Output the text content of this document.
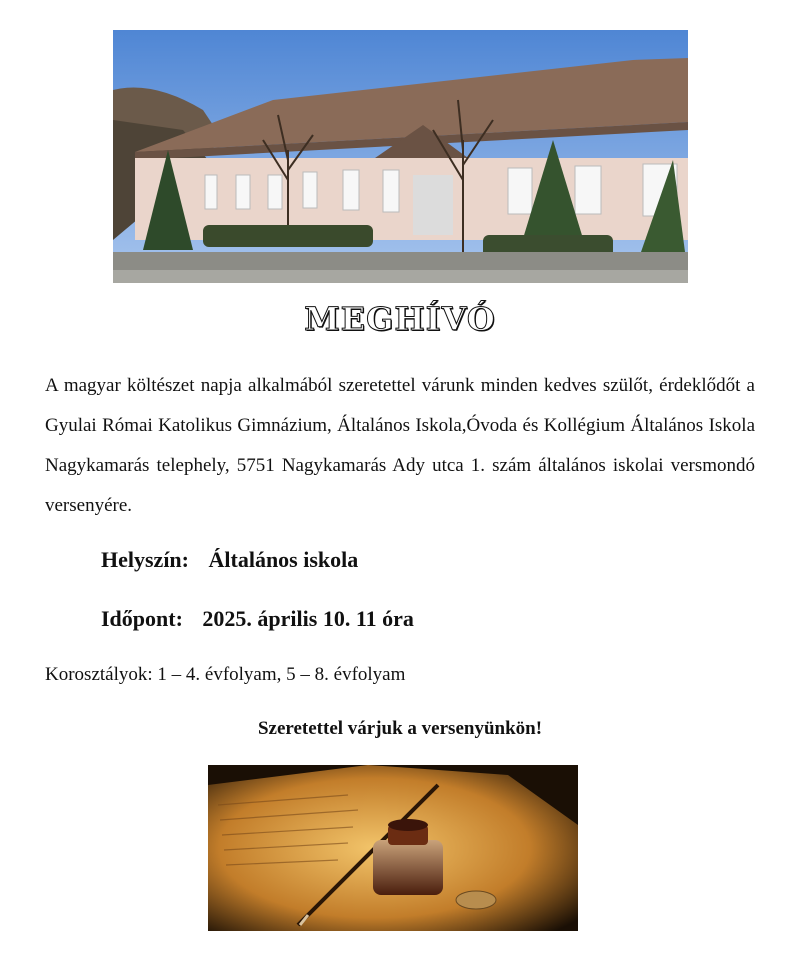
MEGHÍVÓ
A magyar költészet napja alkalmából szeretettel várunk minden kedves szülőt, érdeklődőt a Gyulai Római Katolikus Gimnázium, Általános Iskola,Óvoda és Kollégium Általános Iskola Nagykamarás telephely, 5751 Nagykamarás Ady utca 1. szám általános iskolai versmondó versenyére.
Helyszín: Általános iskola
Időpont: 2025. április 10. 11 óra
Korosztályok: 1 – 4. évfolyam, 5 – 8. évfolyam
Szeretettel várjuk a versenyünkön!
